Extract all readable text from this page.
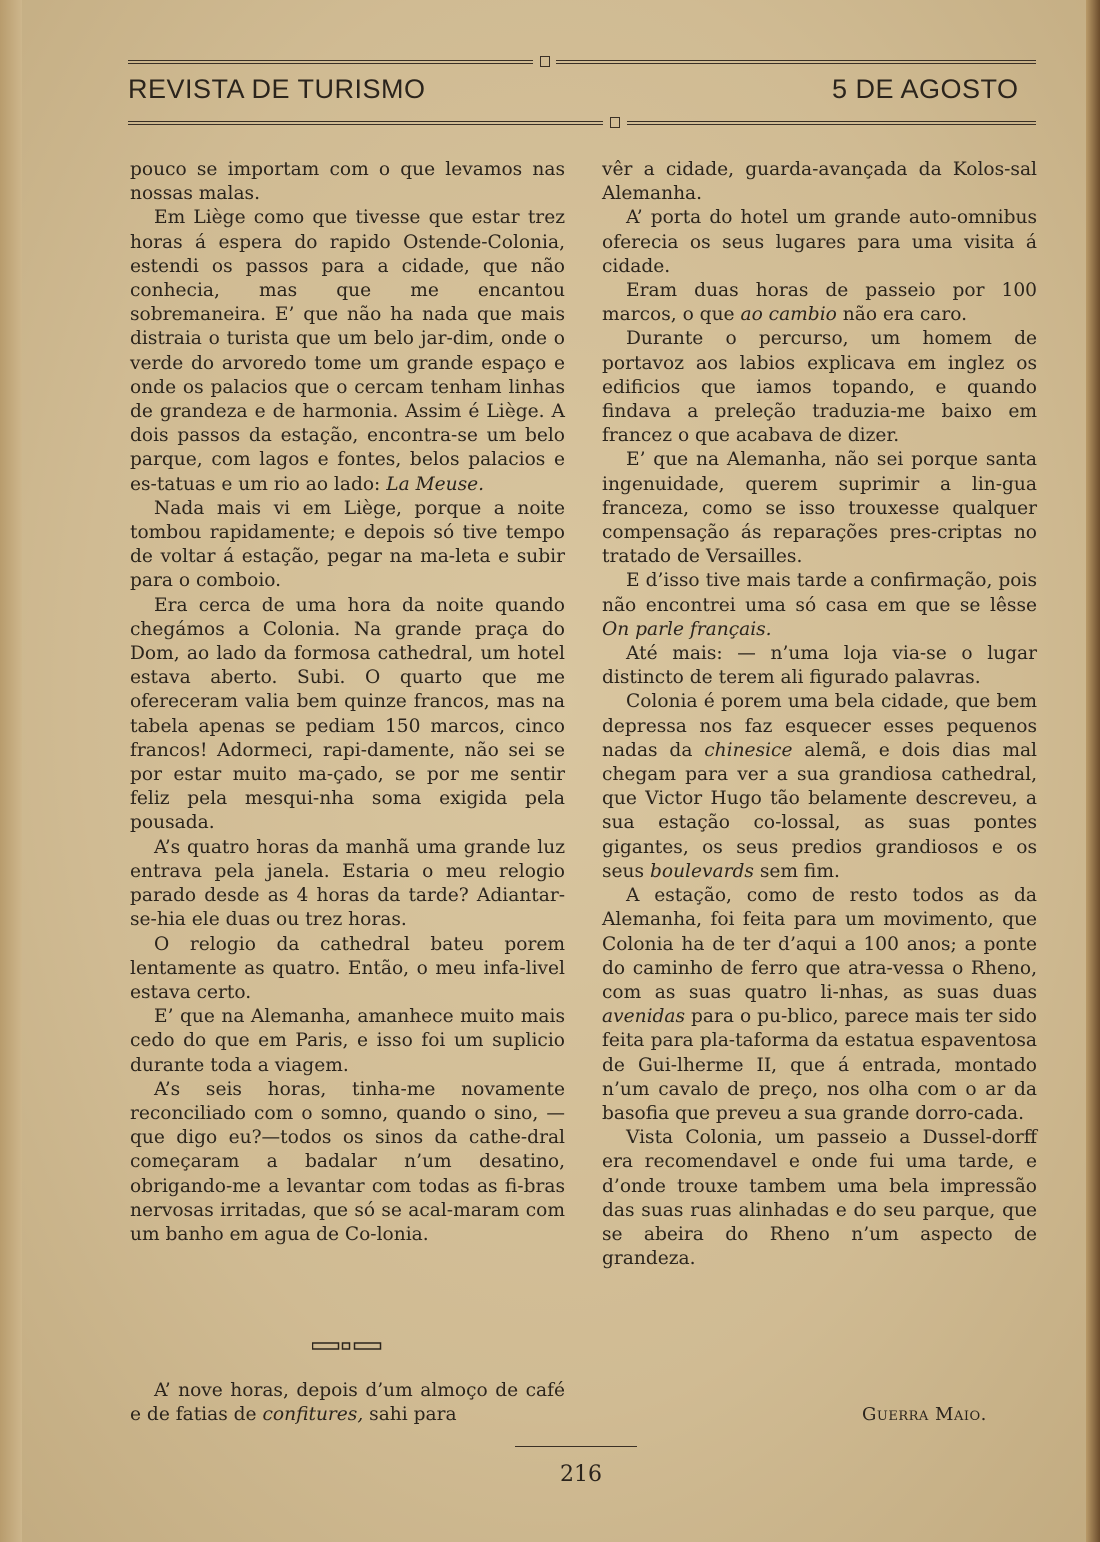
REVISTA DE TURISMO	5 DE AGOSTO

pouco se importam com o que levamos nas nossas malas.

Em Liège como que tivesse que estar trez horas á espera do rapido Ostende-Colonia, estendi os passos para a cidade, que não conhecia, mas que me encantou sobremaneira. E’ que não ha nada que mais distraia o turista que um belo jar-dim, onde o verde do arvoredo tome um grande espaço e onde os palacios que o cercam tenham linhas de grandeza e de harmonia. Assim é Liège. A dois passos da estação, encontra-se um belo parque, com lagos e fontes, belos palacios e es-tatuas e um rio ao lado: La Meuse.

Nada mais vi em Liège, porque a noite tombou rapidamente; e depois só tive tempo de voltar á estação, pegar na ma-leta e subir para o comboio.

Era cerca de uma hora da noite quando chegámos a Colonia. Na grande praça do Dom, ao lado da formosa cathedral, um hotel estava aberto. Subi. O quarto que me ofereceram valia bem quinze francos, mas na tabela apenas se pediam 150 marcos, cinco francos! Adormeci, rapi-damente, não sei se por estar muito ma-çado, se por me sentir feliz pela mesqui-nha soma exigida pela pousada.

A’s quatro horas da manhã uma grande luz entrava pela janela. Estaria o meu relogio parado desde as 4 horas da tarde? Adiantar-se-hia ele duas ou trez horas.

O relogio da cathedral bateu porem lentamente as quatro. Então, o meu infa-livel estava certo.

E’ que na Alemanha, amanhece muito mais cedo do que em Paris, e isso foi um suplicio durante toda a viagem.

A’s seis horas, tinha-me novamente reconciliado com o somno, quando o sino, —que digo eu?—todos os sinos da cathe-dral começaram a badalar n’um desatino, obrigando-me a levantar com todas as fi-bras nervosas irritadas, que só se acal-maram com um banho em agua de Co-lonia.

A’ nove horas, depois d’um almoço de café e de fatias de confitures, sahi para

vêr a cidade, guarda-avançada da Kolos-sal Alemanha.

A’ porta do hotel um grande auto-omnibus oferecia os seus lugares para uma visita á cidade.

Eram duas horas de passeio por 100 marcos, o que ao cambio não era caro.

Durante o percurso, um homem de portavoz aos labios explicava em inglez os edificios que iamos topando, e quando findava a preleção traduzia-me baixo em francez o que acabava de dizer.

E’ que na Alemanha, não sei porque santa ingenuidade, querem suprimir a lin-gua franceza, como se isso trouxesse qualquer compensação ás reparações pres-criptas no tratado de Versailles.

E d’isso tive mais tarde a confirmação, pois não encontrei uma só casa em que se lêsse On parle français.

Até mais: — n’uma loja via-se o lugar distincto de terem ali figurado palavras.

Colonia é porem uma bela cidade, que bem depressa nos faz esquecer esses pequenos nadas da chinesice alemã, e dois dias mal chegam para ver a sua grandiosa cathedral, que Victor Hugo tão belamente descreveu, a sua estação co-lossal, as suas pontes gigantes, os seus predios grandiosos e os seus boulevards sem fim.

A estação, como de resto todos as da Alemanha, foi feita para um movimento, que Colonia ha de ter d’aqui a 100 anos; a ponte do caminho de ferro que atra-vessa o Rheno, com as suas quatro li-nhas, as suas duas avenidas para o pu-blico, parece mais ter sido feita para pla-taforma da estatua espaventosa de Gui-lherme II, que á entrada, montado n’um cavalo de preço, nos olha com o ar da basofia que preveu a sua grande dorro-cada.

Vista Colonia, um passeio a Dussel-dorff era recomendavel e onde fui uma tarde, e d’onde trouxe tambem uma bela impressão das suas ruas alinhadas e do seu parque, que se abeira do Rheno n’um aspecto de grandeza.

Guerra Maio.
216
